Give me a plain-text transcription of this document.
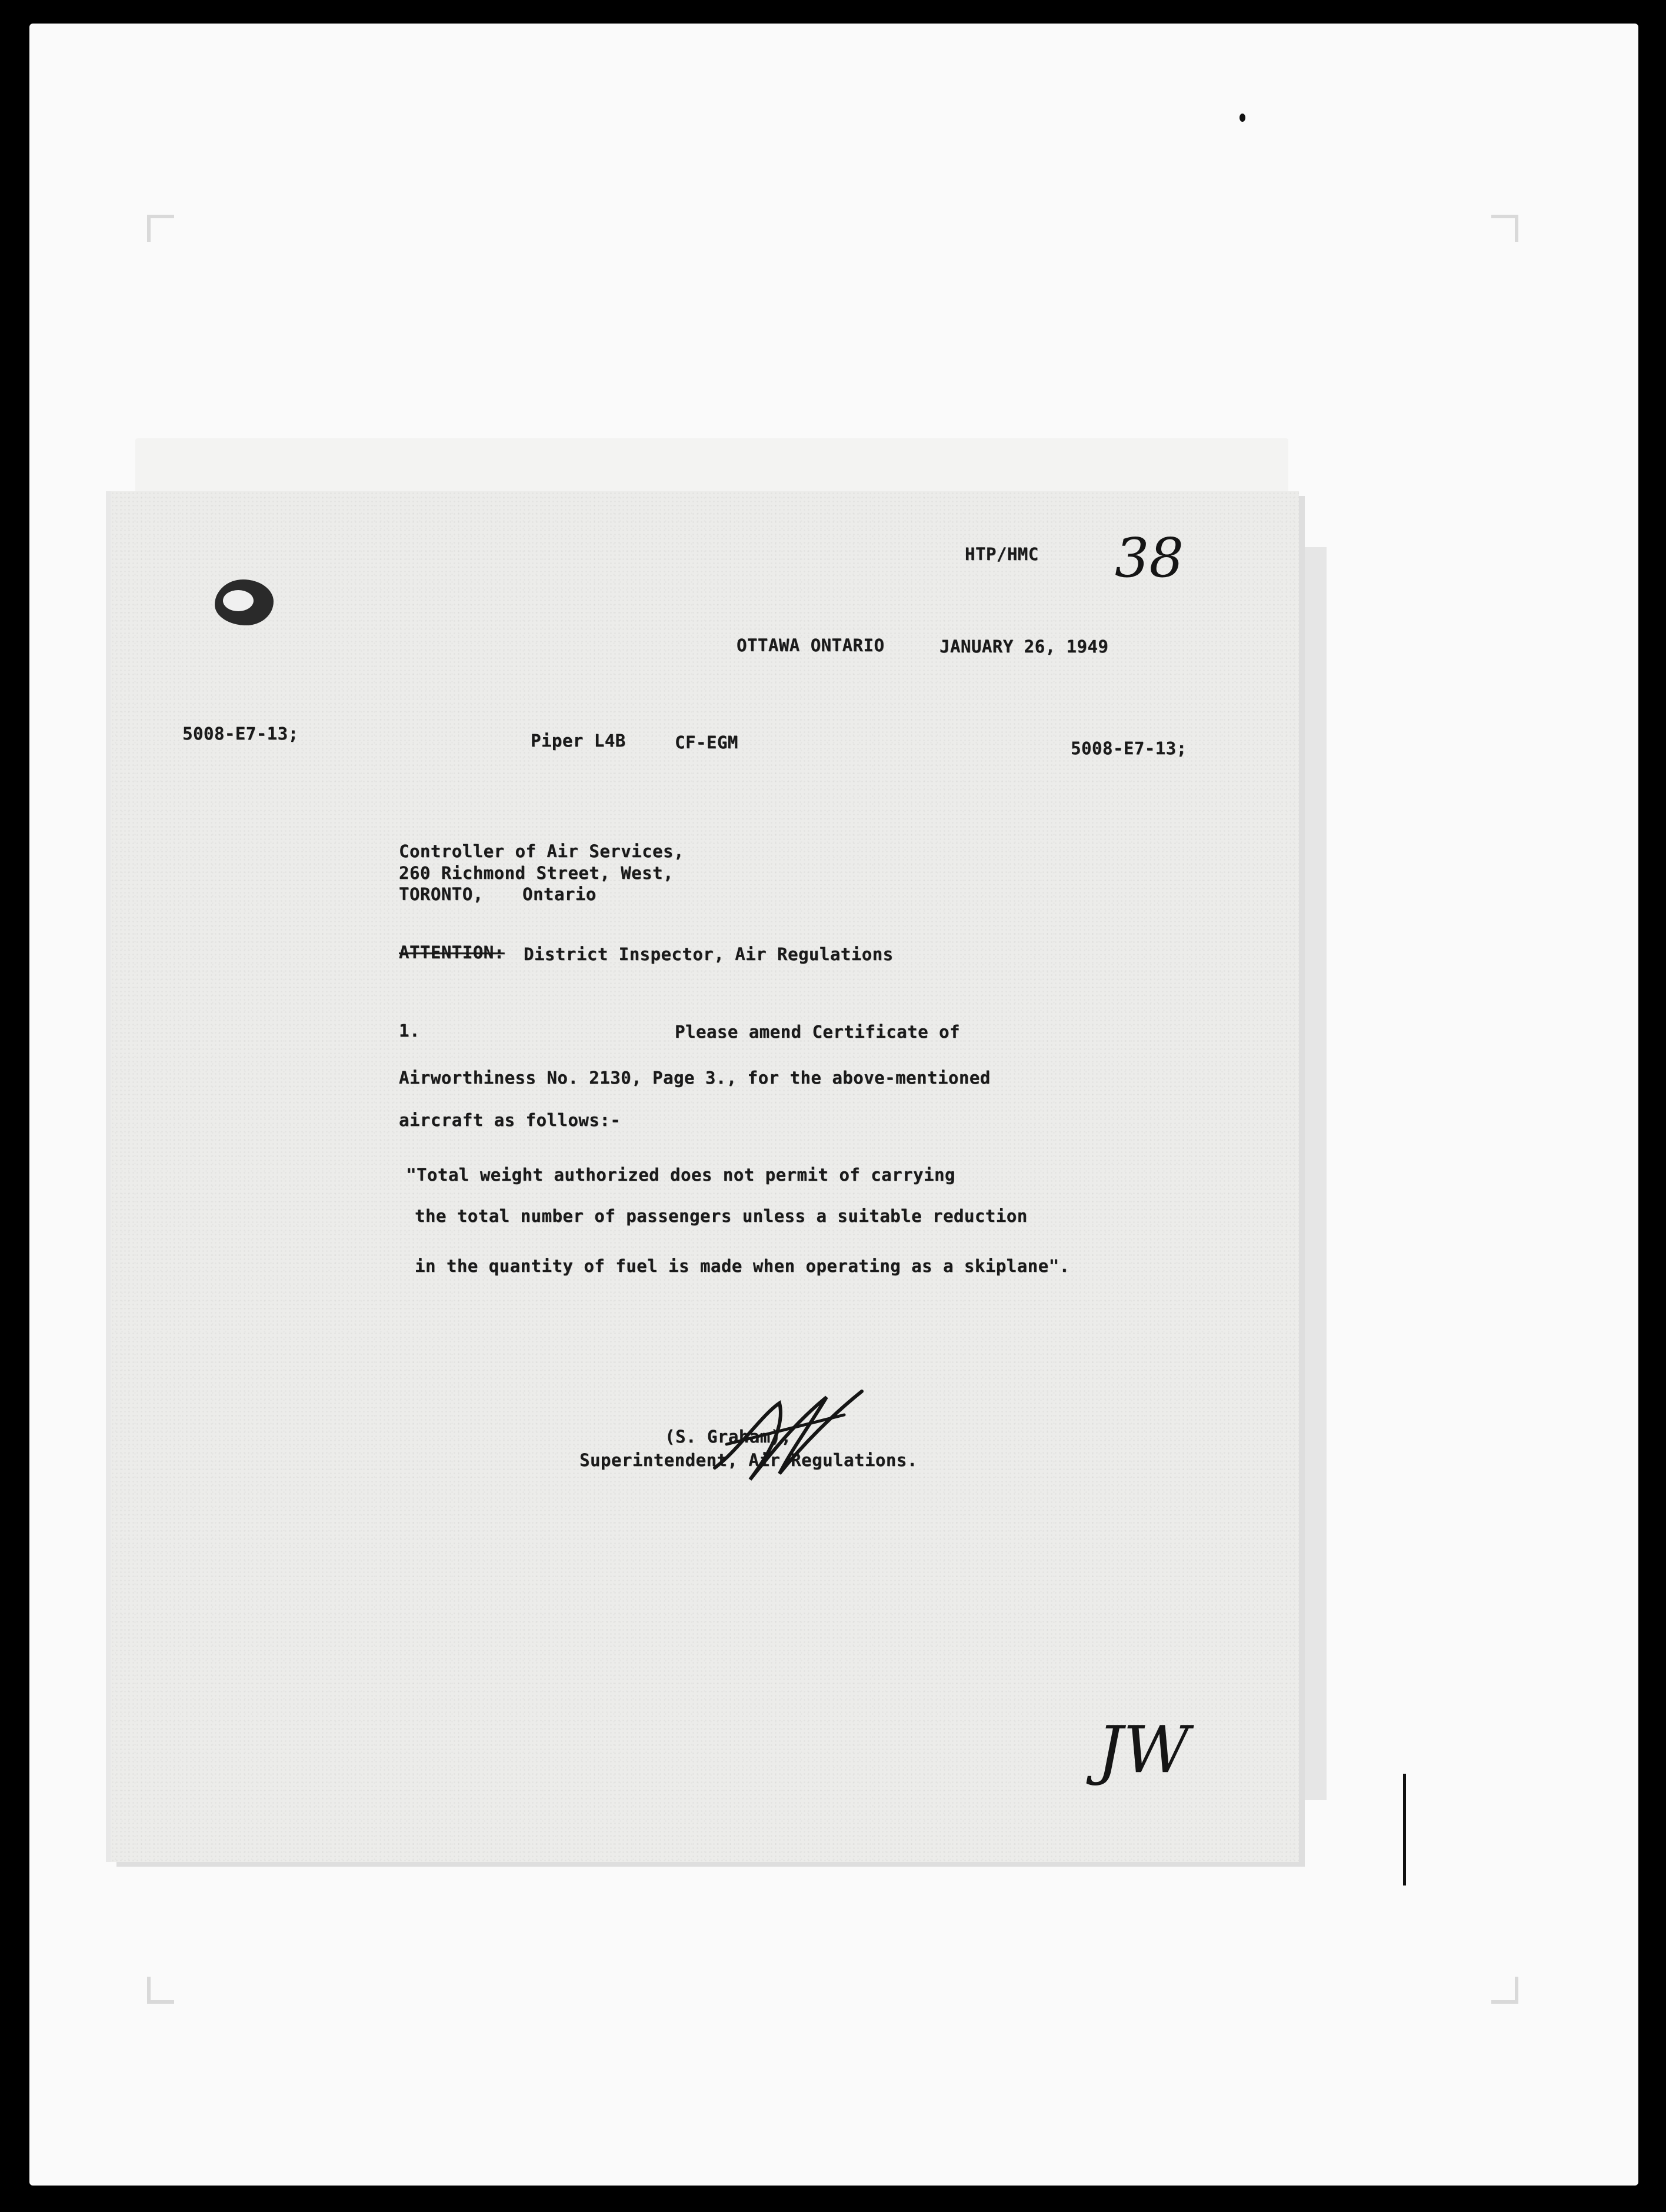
HTP/HMC 38
OTTAWA ONTARIO	JANUARY 26, 1949
5008-E7-13;	Piper L4B	CF-EGM	5008-E7-13;
Controller of Air Services,
260 Richmond Street, West,
TORONTO, Ontario
ATTENTION: District Inspector, Air Regulations
1.	Please amend Certificate of
Airworthiness No. 2130, Page 3., for the above-mentioned
aircraft as follows:-
"Total weight authorized does not permit of carrying
the total number of passengers unless a suitable reduction
in the quantity of fuel is made when operating as a skiplane".
(S. Graham),
Superintendent, Air Regulations.
JW
